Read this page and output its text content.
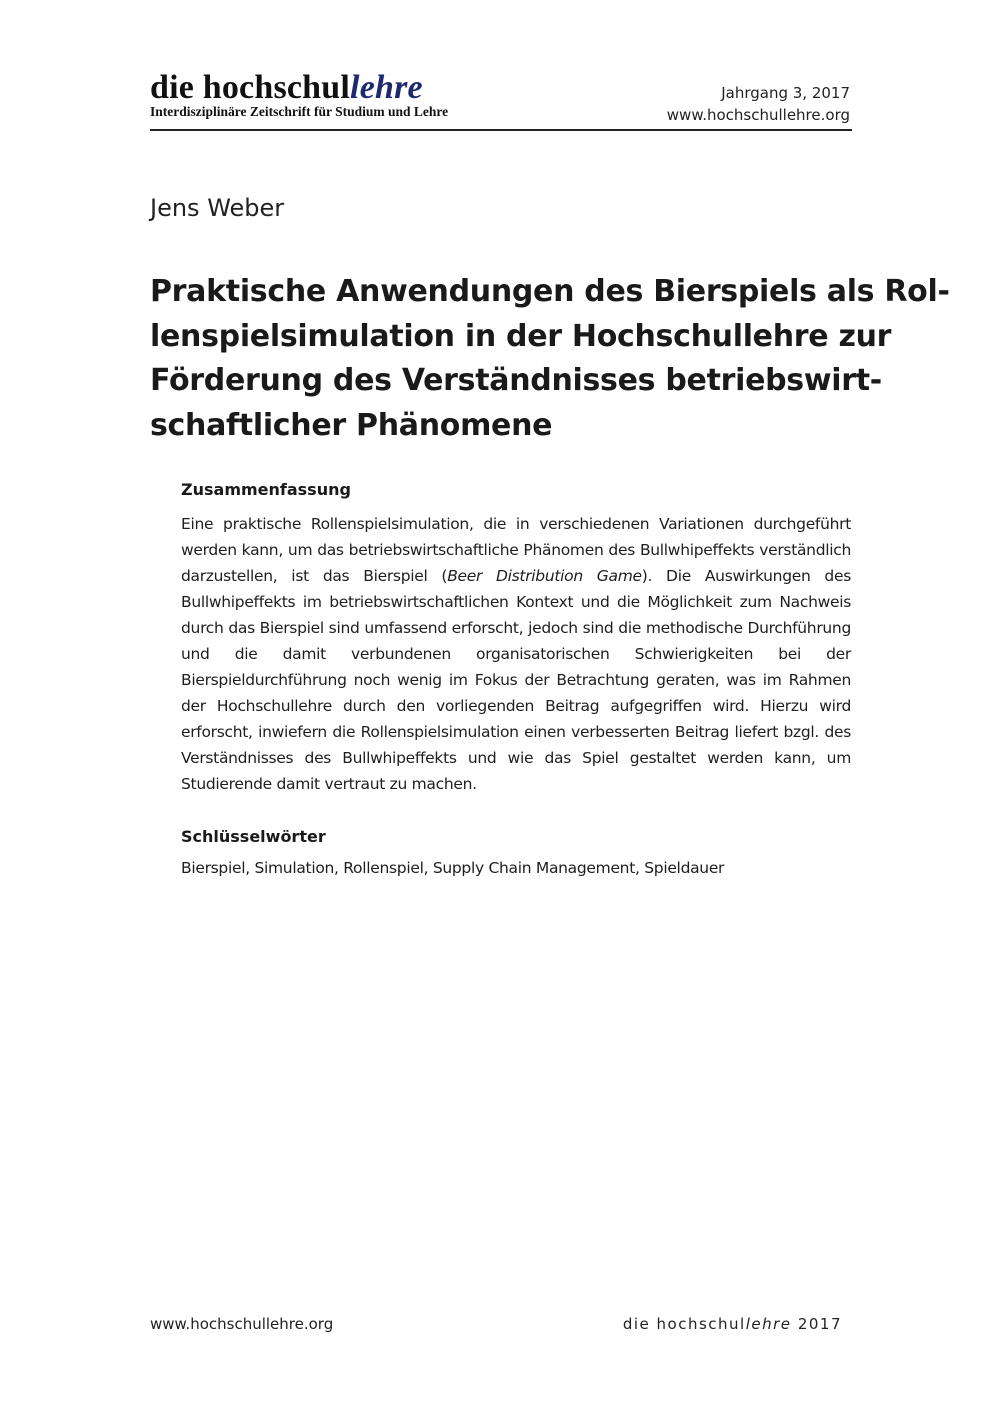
die hochschullehre
Interdisziplinäre Zeitschrift für Studium und Lehre
Jahrgang 3, 2017
www.hochschullehre.org
Jens Weber
Praktische Anwendungen des Bierspiels als Rol-
lenspielsimulation in der Hochschullehre zur
Förderung des Verständnisses betriebswirt-
schaftlicher Phänomene
Zusammenfassung

Eine praktische Rollenspielsimulation, die in verschiedenen Variationen durchgeführt werden kann, um das betriebswirtschaftliche Phänomen des Bullwhipeffekts verständlich darzustellen, ist das Bierspiel (Beer Distribution Game). Die Auswirkungen des Bullwhipeffekts im betriebswirtschaftlichen Kontext und die Möglichkeit zum Nachweis durch das Bierspiel sind umfassend erforscht, jedoch sind die methodische Durchführung und die damit verbundenen organisatorischen Schwierigkeiten bei der Bierspieldurchführung noch wenig im Fokus der Betrachtung geraten, was im Rahmen der Hochschullehre durch den vorliegenden Beitrag aufgegriffen wird. Hierzu wird erforscht, inwiefern die Rollenspielsimulation einen verbesserten Beitrag liefert bzgl. des Verständnisses des Bullwhipeffekts und wie das Spiel gestaltet werden kann, um Studierende damit vertraut zu machen.

Schlüsselwörter

Bierspiel, Simulation, Rollenspiel, Supply Chain Management, Spieldauer

www.hochschullehre.org	die hochschullehre 2017
